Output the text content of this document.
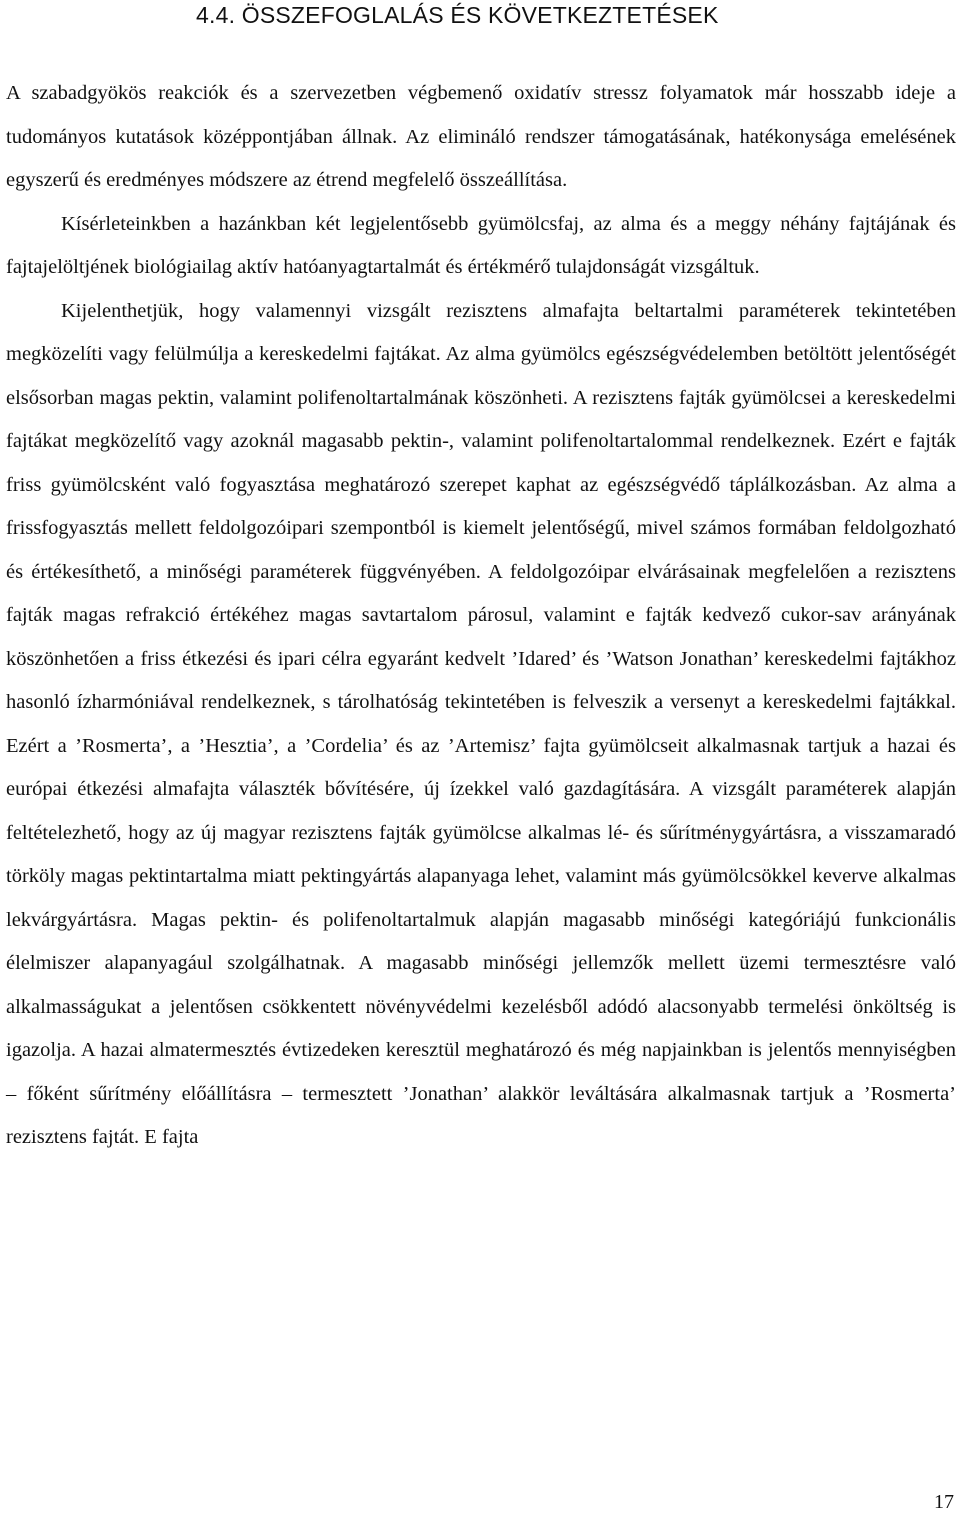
4.4. ÖSSZEFOGLALÁS ÉS KÖVETKEZTETÉSEK

A szabadgyökös reakciók és a szervezetben végbemenő oxidatív stressz folyamatok már hosszabb ideje a tudományos kutatások középpontjában állnak. Az elimináló rendszer támogatásának, hatékonysága emelésének egyszerű és eredményes módszere az étrend megfelelő összeállítása.

Kísérleteinkben a hazánkban két legjelentősebb gyümölcsfaj, az alma és a meggy néhány fajtájának és fajtajelöltjének biológiailag aktív hatóanyagtartalmát és értékmérő tulajdonságát vizsgáltuk.

Kijelenthetjük, hogy valamennyi vizsgált rezisztens almafajta beltartalmi paraméterek tekintetében megközelíti vagy felülmúlja a kereskedelmi fajtákat. Az alma gyümölcs egészségvédelemben betöltött jelentőségét elsősorban magas pektin, valamint polifenoltartalmának köszönheti. A rezisztens fajták gyümölcsei a kereskedelmi fajtákat megközelítő vagy azoknál magasabb pektin-, valamint polifenoltartalommal rendelkeznek. Ezért e fajták friss gyümölcsként való fogyasztása meghatározó szerepet kaphat az egészségvédő táplálkozásban. Az alma a frissfogyasztás mellett feldolgozóipari szempontból is kiemelt jelentőségű, mivel számos formában feldolgozható és értékesíthető, a minőségi paraméterek függvényében. A feldolgozóipar elvárásainak megfelelően a rezisztens fajták magas refrakció értékéhez magas savtartalom párosul, valamint e fajták kedvező cukor-sav arányának köszönhetően a friss étkezési és ipari célra egyaránt kedvelt ’Idared’ és ’Watson Jonathan’ kereskedelmi fajtákhoz hasonló ízharmóniával rendelkeznek, s tárolhatóság tekintetében is felveszik a versenyt a kereskedelmi fajtákkal. Ezért a ’Rosmerta’, a ’Hesztia’, a ’Cordelia’ és az ’Artemisz’ fajta gyümölcseit alkalmasnak tartjuk a hazai és európai étkezési almafajta választék bővítésére, új ízekkel való gazdagítására. A vizsgált paraméterek alapján feltételezhető, hogy az új magyar rezisztens fajták gyümölcse alkalmas lé- és sűrítménygyártásra, a visszamaradó törköly magas pektintartalma miatt pektingyártás alapanyaga lehet, valamint más gyümölcsökkel keverve alkalmas lekvárgyártásra. Magas pektin- és polifenoltartalmuk alapján magasabb minőségi kategóriájú funkcionális élelmiszer alapanyagául szolgálhatnak. A magasabb minőségi jellemzők mellett üzemi termesztésre való alkalmasságukat a jelentősen csökkentett növényvédelmi kezelésből adódó alacsonyabb termelési önköltség is igazolja. A hazai almatermesztés évtizedeken keresztül meghatározó és még napjainkban is jelentős mennyiségben – főként sűrítmény előállításra – termesztett ’Jonathan’ alakkör leváltására alkalmasnak tartjuk a ’Rosmerta’ rezisztens fajtát. E fajta

17
